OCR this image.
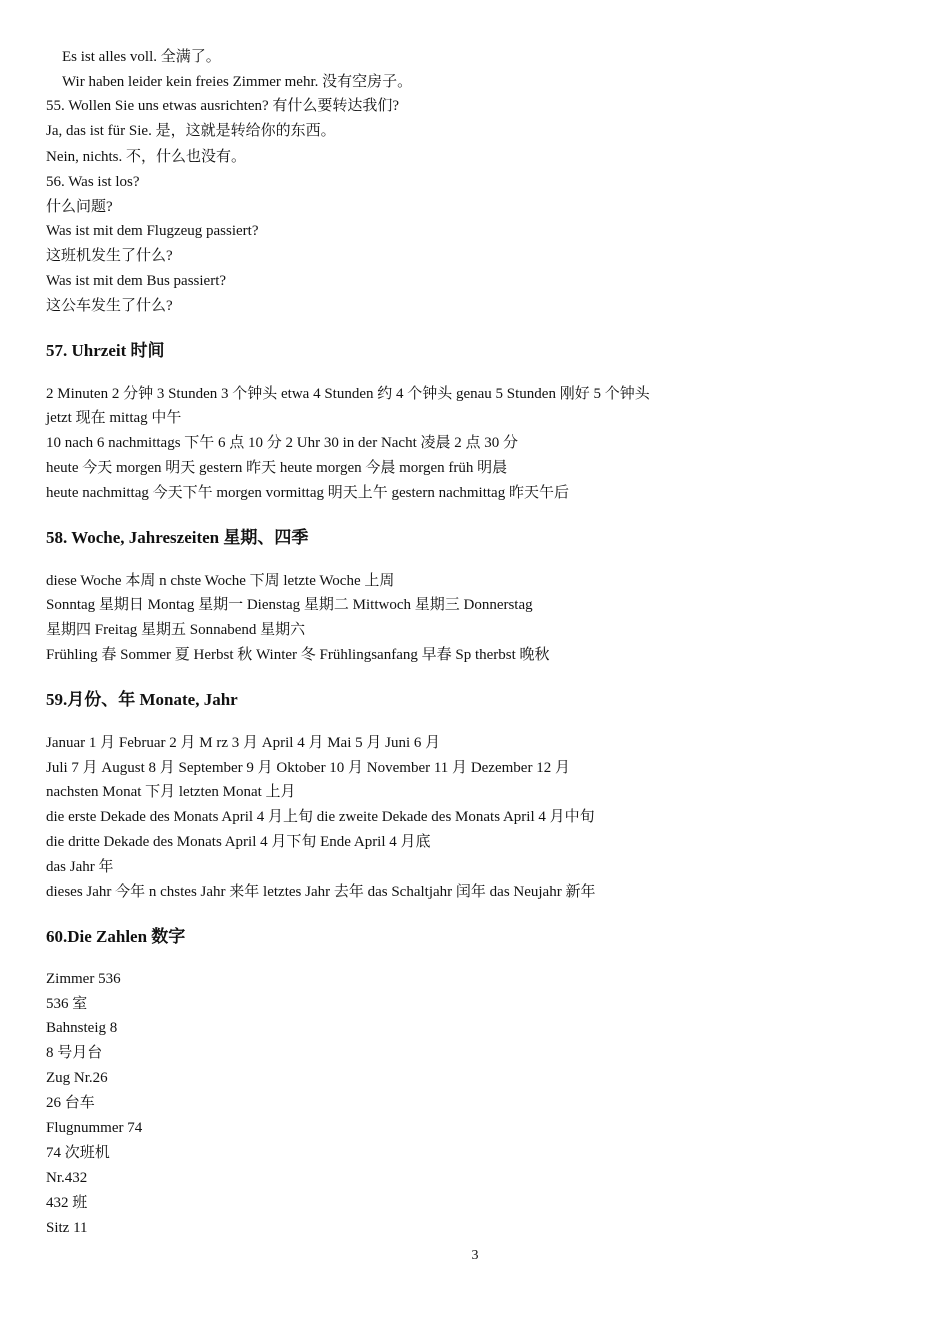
Es ist alles voll. 全满了。
Wir haben leider kein freies Zimmer mehr. 没有空房子。
55. Wollen Sie uns etwas ausrichten? 有什么要转达我们?
Ja, das ist für Sie. 是，这就是转给你的东西。
Nein, nichts. 不，什么也没有。
56. Was ist los?
什么问题?
Was ist mit dem Flugzeug passiert?
这班机发生了什么?
Was ist mit dem Bus passiert?
这公车发生了什么?
57. Uhrzeit 时间
2 Minuten 2 分钟 3 Stunden 3 个钟头 etwa 4 Stunden 约 4 个钟头 genau 5 Stunden 刚好 5 个钟头
jetzt 现在 mittag 中午
10 nach 6 nachmittags 下午 6 点 10 分 2 Uhr 30 in der Nacht 凌晨 2 点 30 分
heute 今天 morgen 明天 gestern 昨天 heute morgen 今晨 morgen früh 明晨
heute nachmittag 今天下午 morgen vormittag 明天上午 gestern nachmittag 昨天午后
58. Woche, Jahreszeiten 星期、四季
diese Woche 本周 n chste Woche 下周 letzte Woche 上周
Sonntag 星期日 Montag 星期一 Dienstag 星期二 Mittwoch 星期三 Donnerstag
星期四 Freitag 星期五 Sonnabend 星期六
Frühling 春 Sommer 夏 Herbst 秋 Winter 冬 Frühlingsanfang 早春 Sp therbst 晚秋
59.月份、年 Monate, Jahr
Januar 1 月 Februar 2 月 M rz 3 月 April 4 月 Mai 5 月 Juni 6 月
Juli 7 月 August 8 月 September 9 月 Oktober 10 月 November 11 月 Dezember 12 月
nachsten Monat 下月 letzten Monat 上月
die erste Dekade des Monats April 4 月上旬 die zweite Dekade des Monats April 4 月中旬
die dritte Dekade des Monats April 4 月下旬 Ende April 4 月底
das Jahr 年
dieses Jahr 今年 n chstes Jahr 来年 letztes Jahr 去年 das Schaltjahr 闰年 das Neujahr 新年
60.Die Zahlen 数字
Zimmer 536
536 室
Bahnsteig 8
8 号月台
Zug Nr.26
26 台车
Flugnummer 74
74 次班机
Nr.432
432 班
Sitz 11
3
